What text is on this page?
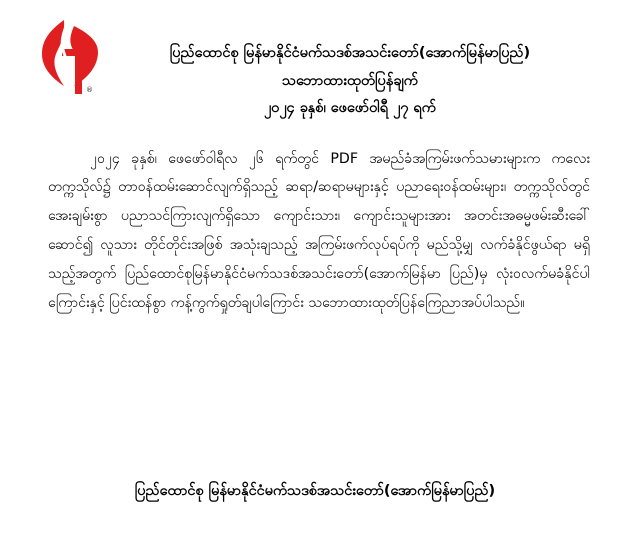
®
ပြည်ထောင်စု မြန်မာနိုင်ငံမက်သဒစ်အသင်းတော်(အောက်မြန်မာပြည်)
သဘောထားထုတ်ပြန်ချက်
၂၀၂၄ ခုနှစ်၊ ဖေဖော်ဝါရီ ၂၇ ရက်

၂၀၂၄ ခုနှစ်၊ ဖေဖော်ဝါရီလ ၂၆ ရက်တွင် PDF အမည်ခံအကြမ်းဖက်သမားများက ကလေးတက္ကသိုလ်၌ တာဝန်ထမ်းဆောင်လျက်ရှိသည့် ဆရာ/ဆရာမများနှင့် ပညာရေးဝန်ထမ်းများ၊ တက္ကသိုလ်တွင် အေးချမ်းစွာ ပညာသင်ကြားလျက်ရှိသော ကျောင်းသား၊ ကျောင်းသူများအား အတင်းအဓမ္မဖမ်းဆီးခေါ်ဆောင်၍ လူသား တိုင်တိုင်းအဖြစ် အသုံးချသည့် အကြမ်းဖက်လုပ်ရပ်ကို မည်သို့မျှ လက်ခံနိုင်ဖွယ်ရာ မရှိသည့်အတွက် ပြည်ထောင်စုမြန်မာနိုင်ငံမက်သဒစ်အသင်းတော်(အောက်မြန်မာ ပြည်)မှ လုံးဝလက်မခံနိုင်ပါကြောင်းနှင့် ပြင်းထန်စွာ ကန့်ကွက်ရှုတ်ချပါကြောင်း သဘောထားထုတ်ပြန်ကြေညာအပ်ပါသည်။

ပြည်ထောင်စု မြန်မာနိုင်ငံမက်သဒစ်အသင်းတော်(အောက်မြန်မာပြည်)
